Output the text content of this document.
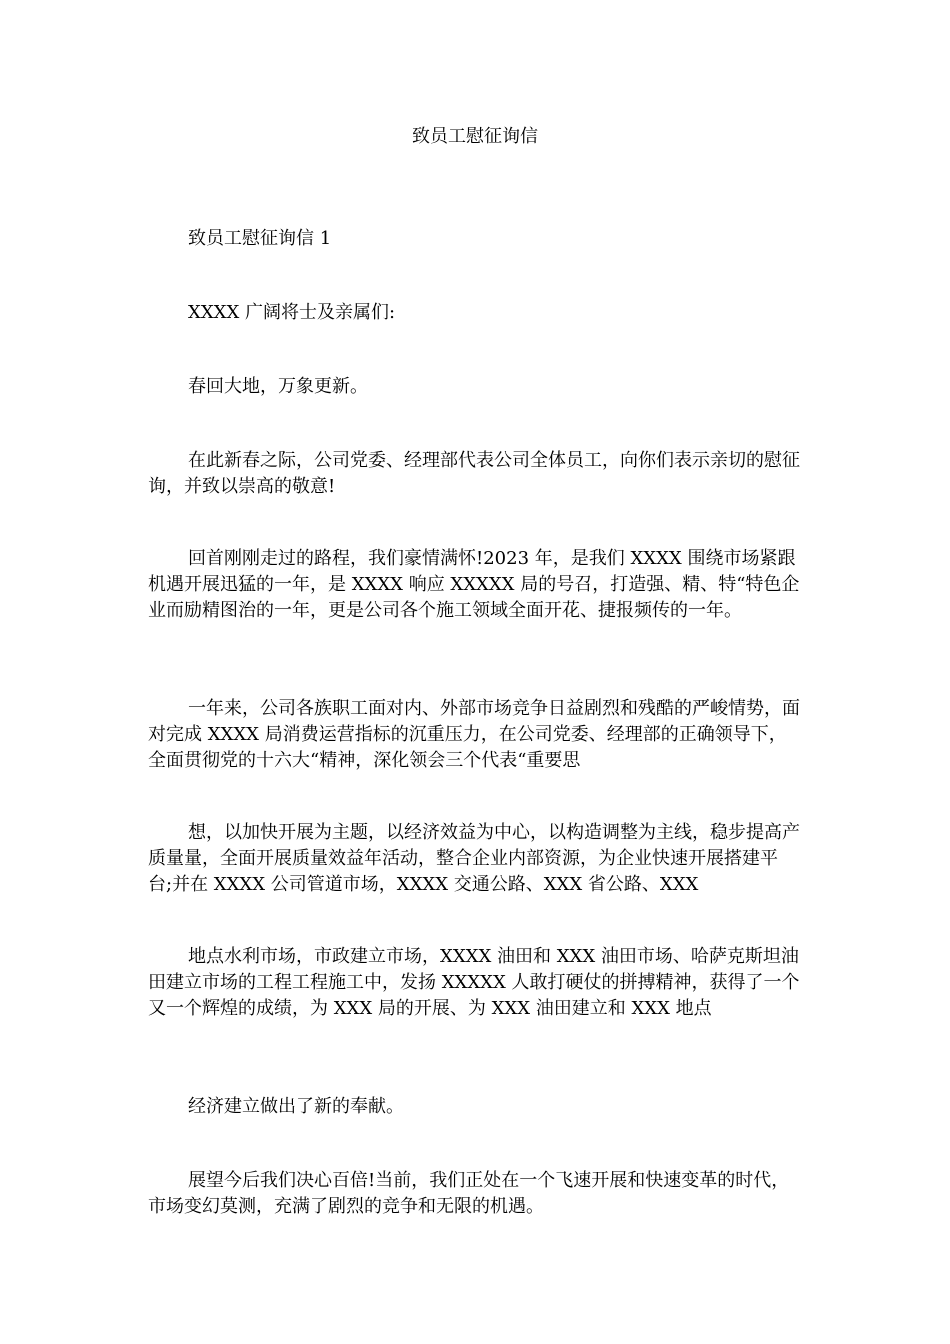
致员工慰征询信

致员工慰征询信 1

XXXX 广阔将士及亲属们:

春回大地，万象更新。

在此新春之际，公司党委、经理部代表公司全体员工，向你们表示亲切的慰征询，并致以崇高的敬意!

回首刚刚走过的路程，我们豪情满怀!2023 年，是我们 XXXX 围绕市场紧跟机遇开展迅猛的一年，是 XXXX 响应 XXXXX 局的号召，打造强、精、特“特色企业而励精图治的一年，更是公司各个施工领域全面开花、捷报频传的一年。

一年来，公司各族职工面对内、外部市场竞争日益剧烈和残酷的严峻情势，面对完成 XXXX 局消费运营指标的沉重压力，在公司党委、经理部的正确领导下，全面贯彻党的十六大“精神，深化领会三个代表“重要思

想，以加快开展为主题，以经济效益为中心，以构造调整为主线，稳步提高产质量量，全面开展质量效益年活动，整合企业内部资源，为企业快速开展搭建平台;并在 XXXX 公司管道市场，XXXX 交通公路、XXX 省公路、XXX

地点水利市场，市政建立市场，XXXX 油田和 XXX 油田市场、哈萨克斯坦油田建立市场的工程工程施工中，发扬 XXXXX 人敢打硬仗的拼搏精神，获得了一个又一个辉煌的成绩，为 XXX 局的开展、为 XXX 油田建立和 XXX 地点

经济建立做出了新的奉献。

展望今后我们决心百倍!当前，我们正处在一个飞速开展和快速变革的时代，市场变幻莫测，充满了剧烈的竞争和无限的机遇。
